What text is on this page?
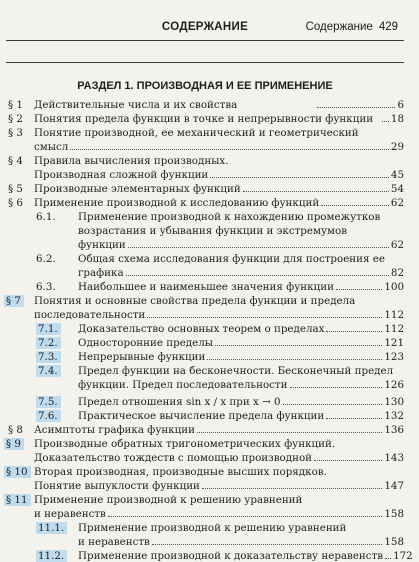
СОДЕРЖАНИЕ	Содержание 429
РАЗДЕЛ 1. ПРОИЗВОДНАЯ И ЕЕ ПРИМЕНЕНИЕ
§ 1	Действительные числа и их свойства	6
§ 2	Понятия предела функции в точке и непрерывности функции	18
§ 3	Понятие производной, ее механический и геометрический
смысл	29
§ 4	Правила вычисления производных.
Производная сложной функции	45
§ 5	Производные элементарных функций	54
§ 6	Применение производной к исследованию функций	62
6.1.	Применение производной к нахождению промежутков
возрастания и убывания функции и экстремумов
функции	62
6.2.	Общая схема исследования функции для построения ее
графика	82
6.3.	Наибольшее и наименьшее значения функции	100
§ 7	Понятия и основные свойства предела функции и предела
последовательности	112
7.1.	Доказательство основных теорем о пределах	112
7.2.	Односторонние пределы	121
7.3.	Непрерывные функции	123
7.4.	Предел функции на бесконечности. Бесконечный предел
функции. Предел последовательности	126
7.5.	Предел отношения sin x / x при x → 0	130
7.6.	Практическое вычисление предела функции	132
§ 8	Асимптоты графика функции	136
§ 9	Производные обратных тригонометрических функций.
Доказательство тождеств с помощью производной	143
§ 10 Вторая производная, производные высших порядков.
Понятие выпуклости функции	147
§ 11 Применение производной к решению уравнений
и неравенств	158
11.1.	Применение производной к решению уравнений
и неравенств	158
11.2.	Применение производной к доказательству неравенств 172
